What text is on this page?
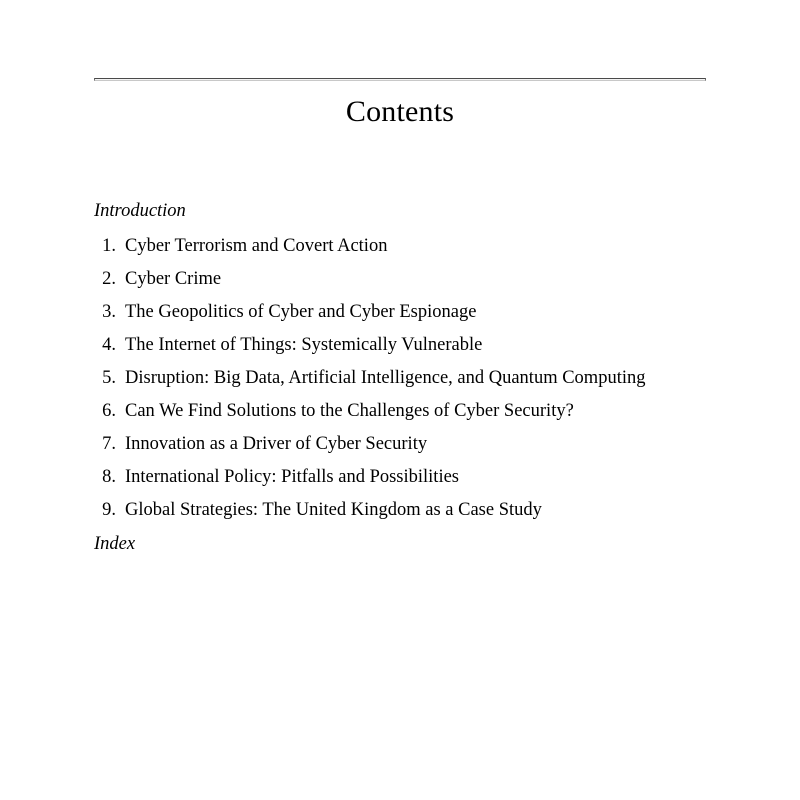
Contents

Introduction

1. Cyber Terrorism and Covert Action
2. Cyber Crime
3. The Geopolitics of Cyber and Cyber Espionage
4. The Internet of Things: Systemically Vulnerable
5. Disruption: Big Data, Artificial Intelligence, and Quantum Computing
6. Can We Find Solutions to the Challenges of Cyber Security?
7. Innovation as a Driver of Cyber Security
8. International Policy: Pitfalls and Possibilities
9. Global Strategies: The United Kingdom as a Case Study

Index
